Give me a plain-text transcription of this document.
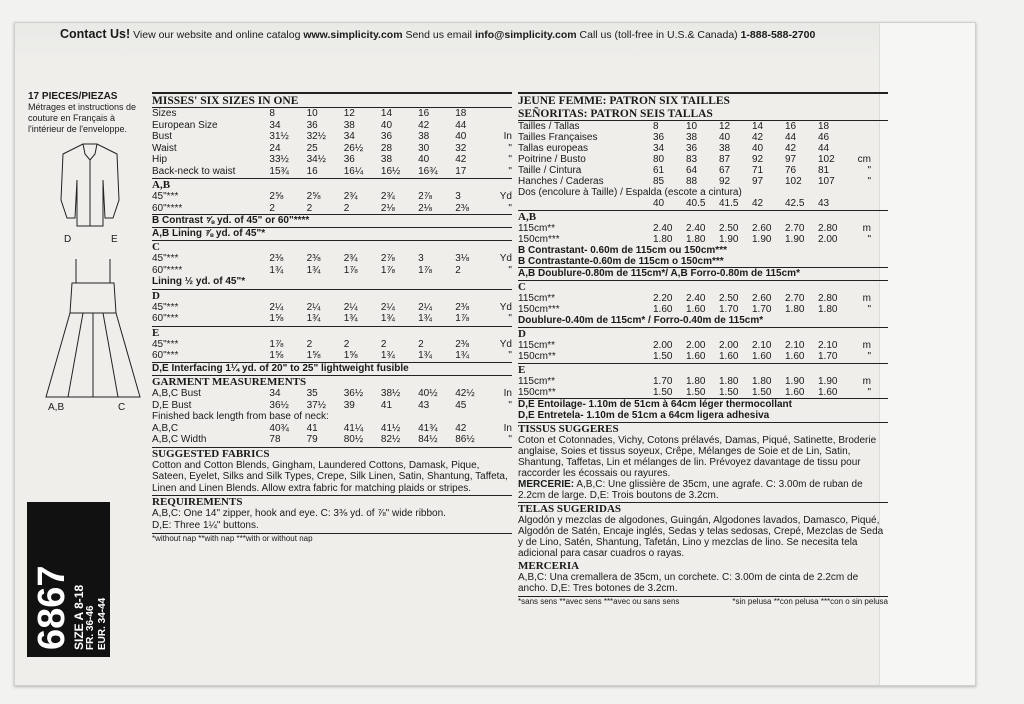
Contact Us! View our website and online catalog www.simplicity.com Send us email info@simplicity.com Call us (toll-free in U.S.& Canada) 1-888-588-2700
17 PIECES/PIEZAS
Métrages et instructions de couture en Français à l'intérieur de l'enveloppe.
D	E
A,B	C
6867 SIZE A 8-18 FR. 36-46 EUR. 34-44
MISSES' SIX SIZES IN ONE
Sizes	8	10	12	14	16	18
European Size	34	36	38	40	42	44
Bust	31½	32½	34	36	38	40	In
Waist	24	25	26½	28	30	32	"
Hip	33½	34½	36	38	40	42	"
Back-neck to waist	15¾	16	16¼	16½	16¾	17	"
A,B
45"***	2⅝	2⅝	2¾	2¾	2⅞	3	Yd
60"****	2	2	2	2⅛	2⅛	2⅜	"
B Contrast ⅝ yd. of 45" or 60"****
A,B Lining ⅞ yd. of 45"*
C
45"***	2⅜	2⅜	2¾	2⅞	3	3⅛	Yd
60"****	1¾	1¾	1⅞	1⅞	1⅞	2	"
Lining ½ yd. of 45"*
D
45"***	2¼	2¼	2¼	2¼	2¼	2⅜	Yd
60"***	1⅝	1¾	1¾	1¾	1¾	1⅞	"
E
45"***	1⅞	2	2	2	2	2⅜	Yd
60"***	1⅝	1⅝	1⅝	1¾	1¾	1¾	"
D,E Interfacing 1¼ yd. of 20" to 25" lightweight fusible
GARMENT MEASUREMENTS
A,B,C Bust	34	35	36½	38½	40½	42½	In
D,E Bust	36½	37½	39	41	43	45	"
Finished back length from base of neck:
A,B,C	40¾	41	41¼	41½	41¾	42	In
A,B,C Width	78	79	80½	82½	84½	86½	"
SUGGESTED FABRICS
Cotton and Cotton Blends, Gingham, Laundered Cottons, Damask, Pique, Sateen, Eyelet, Silks and Silk Types, Crepe, Silk Linen, Satin, Shantung, Taffeta, Linen and Linen Blends. Allow extra fabric for matching plaids or stripes.
REQUIREMENTS
A,B,C: One 14" zipper, hook and eye. C: 3⅜ yd. of ⅞" wide ribbon.
D,E: Three 1¼" buttons.
*without nap **with nap ***with or without nap
JEUNE FEMME: PATRON SIX TAILLES
SEÑORITAS: PATRON SEIS TALLAS
Tailles / Tallas	8	10	12	14	16	18
Tailles Françaises	36	38	40	42	44	46
Tallas europeas	34	36	38	40	42	44
Poitrine / Busto	80	83	87	92	97	102	cm
Taille / Cintura	61	64	67	71	76	81	"
Hanches / Caderas	85	88	92	97	102	107	"
Dos (encolure à Taille) / Espalda (escote a cintura)
40	40.5	41.5	42	42.5	43
A,B
115cm**	2.40	2.40	2.50	2.60	2.70	2.80	m
150cm***	1.80	1.80	1.90	1.90	1.90	2.00	"
B Contrastant- 0.60m de 115cm ou 150cm***
B Contrastante-0.60m de 115cm o 150cm***
A,B Doublure-0.80m de 115cm*/ A,B Forro-0.80m de 115cm*
C
115cm**	2.20	2.40	2.50	2.60	2.70	2.80	m
150cm***	1.60	1.60	1.70	1.70	1.80	1.80	"
Doublure-0.40m de 115cm* / Forro-0.40m de 115cm*
D
115cm**	2.00	2.00	2.00	2.10	2.10	2.10	m
150cm**	1.50	1.60	1.60	1.60	1.60	1.70	"
E
115cm**	1.70	1.80	1.80	1.80	1.90	1.90	m
150cm**	1.50	1.50	1.50	1.50	1.60	1.60	"
D,E Entoilage- 1.10m de 51cm à 64cm léger thermocollant
D,E Entretela- 1.10m de 51cm a 64cm ligera adhesiva
TISSUS SUGGERES
Coton et Cotonnades, Vichy, Cotons prélavés, Damas, Piqué, Satinette, Broderie anglaise, Soies et tissus soyeux, Crêpe, Mélanges de Soie et de Lin, Satin, Shantung, Taffetas, Lin et mélanges de lin. Prévoyez davantage de tissu pour raccorder les écossais ou rayures.
MERCERIE: A,B,C: Une glissière de 35cm, une agrafe. C: 3.00m de ruban de 2.2cm de large. D,E: Trois boutons de 3.2cm.
TELAS SUGERIDAS
Algodón y mezclas de algodones, Guingán, Algodones lavados, Damasco, Piqué, Algodón de Satén, Encaje inglés, Sedas y telas sedosas, Crepé, Mezclas de Seda y de Lino, Satén, Shantung, Tafetán, Lino y mezclas de lino. Se necesita tela adicional para casar cuadros o rayas.
MERCERIA
A,B,C: Una cremallera de 35cm, un corchete. C: 3.00m de cinta de 2.2cm de ancho. D,E: Tres botones de 3.2cm.
*sans sens **avec sens ***avec ou sans sens	*sin pelusa **con pelusa ***con o sin pelusa
